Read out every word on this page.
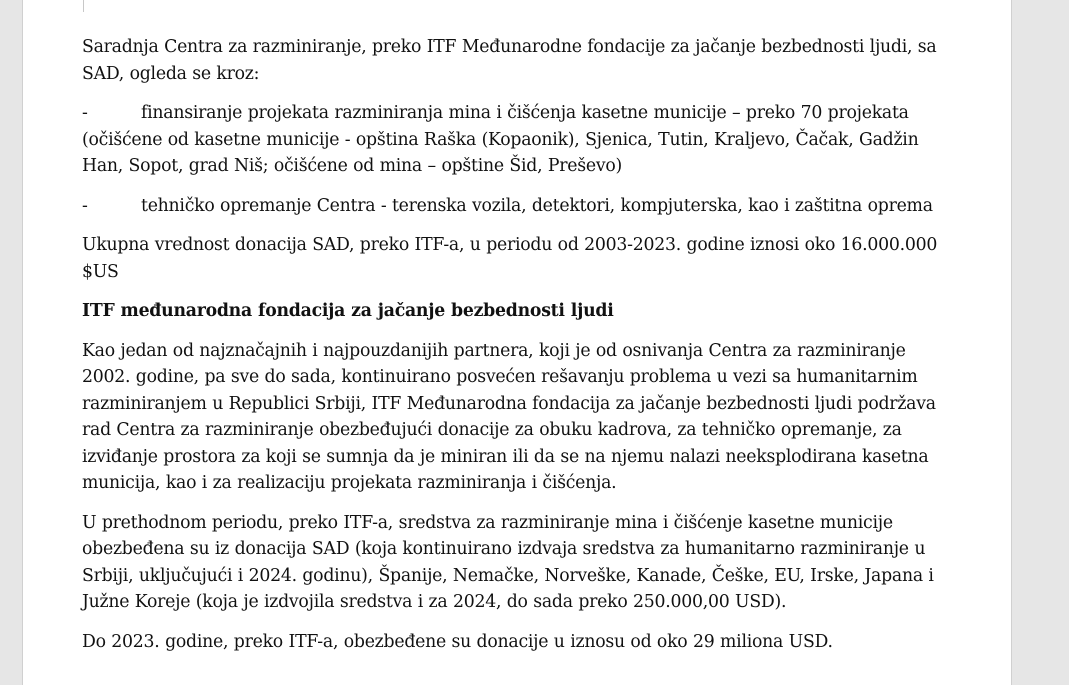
Saradnja Centra za razminiranje, preko ITF Međunarodne fondacije za jačanje bezbednosti ljudi, sa SAD, ogleda se kroz:

-	finansiranje projekata razminiranja mina i čišćenja kasetne municije – preko 70 projekata (očišćene od kasetne municije - opština Raška (Kopaonik), Sjenica, Tutin, Kraljevo, Čačak, Gadžin Han, Sopot, grad Niš; očišćene od mina – opštine Šid, Preševo)

-	tehničko opremanje Centra - terenska vozila, detektori, kompjuterska, kao i zaštitna oprema

Ukupna vrednost donacija SAD, preko ITF-a, u periodu od 2003-2023. godine iznosi oko 16.000.000 $US

ITF međunarodna fondacija za jačanje bezbednosti ljudi

Kao jedan od najznačajnih i najpouzdanijih partnera, koji je od osnivanja Centra za razminiranje 2002. godine, pa sve do sada, kontinuirano posvećen rešavanju problema u vezi sa humanitarnim razminiranjem u Republici Srbiji, ITF Međunarodna fondacija za jačanje bezbednosti ljudi podržava rad Centra za razminiranje obezbeđujući donacije za obuku kadrova, za tehničko opremanje, za izviđanje prostora za koji se sumnja da je miniran ili da se na njemu nalazi neeksplodirana kasetna municija, kao i za realizaciju projekata razminiranja i čišćenja.

U prethodnom periodu, preko ITF-a, sredstva za razminiranje mina i čišćenje kasetne municije obezbeđena su iz donacija SAD (koja kontinuirano izdvaja sredstva za humanitarno razminiranje u Srbiji, uključujući i 2024. godinu), Španije, Nemačke, Norveške, Kanade, Češke, EU, Irske, Japana i Južne Koreje (koja je izdvojila sredstva i za 2024, do sada preko 250.000,00 USD).

Do 2023. godine, preko ITF-a, obezbeđene su donacije u iznosu od oko 29 miliona USD.
